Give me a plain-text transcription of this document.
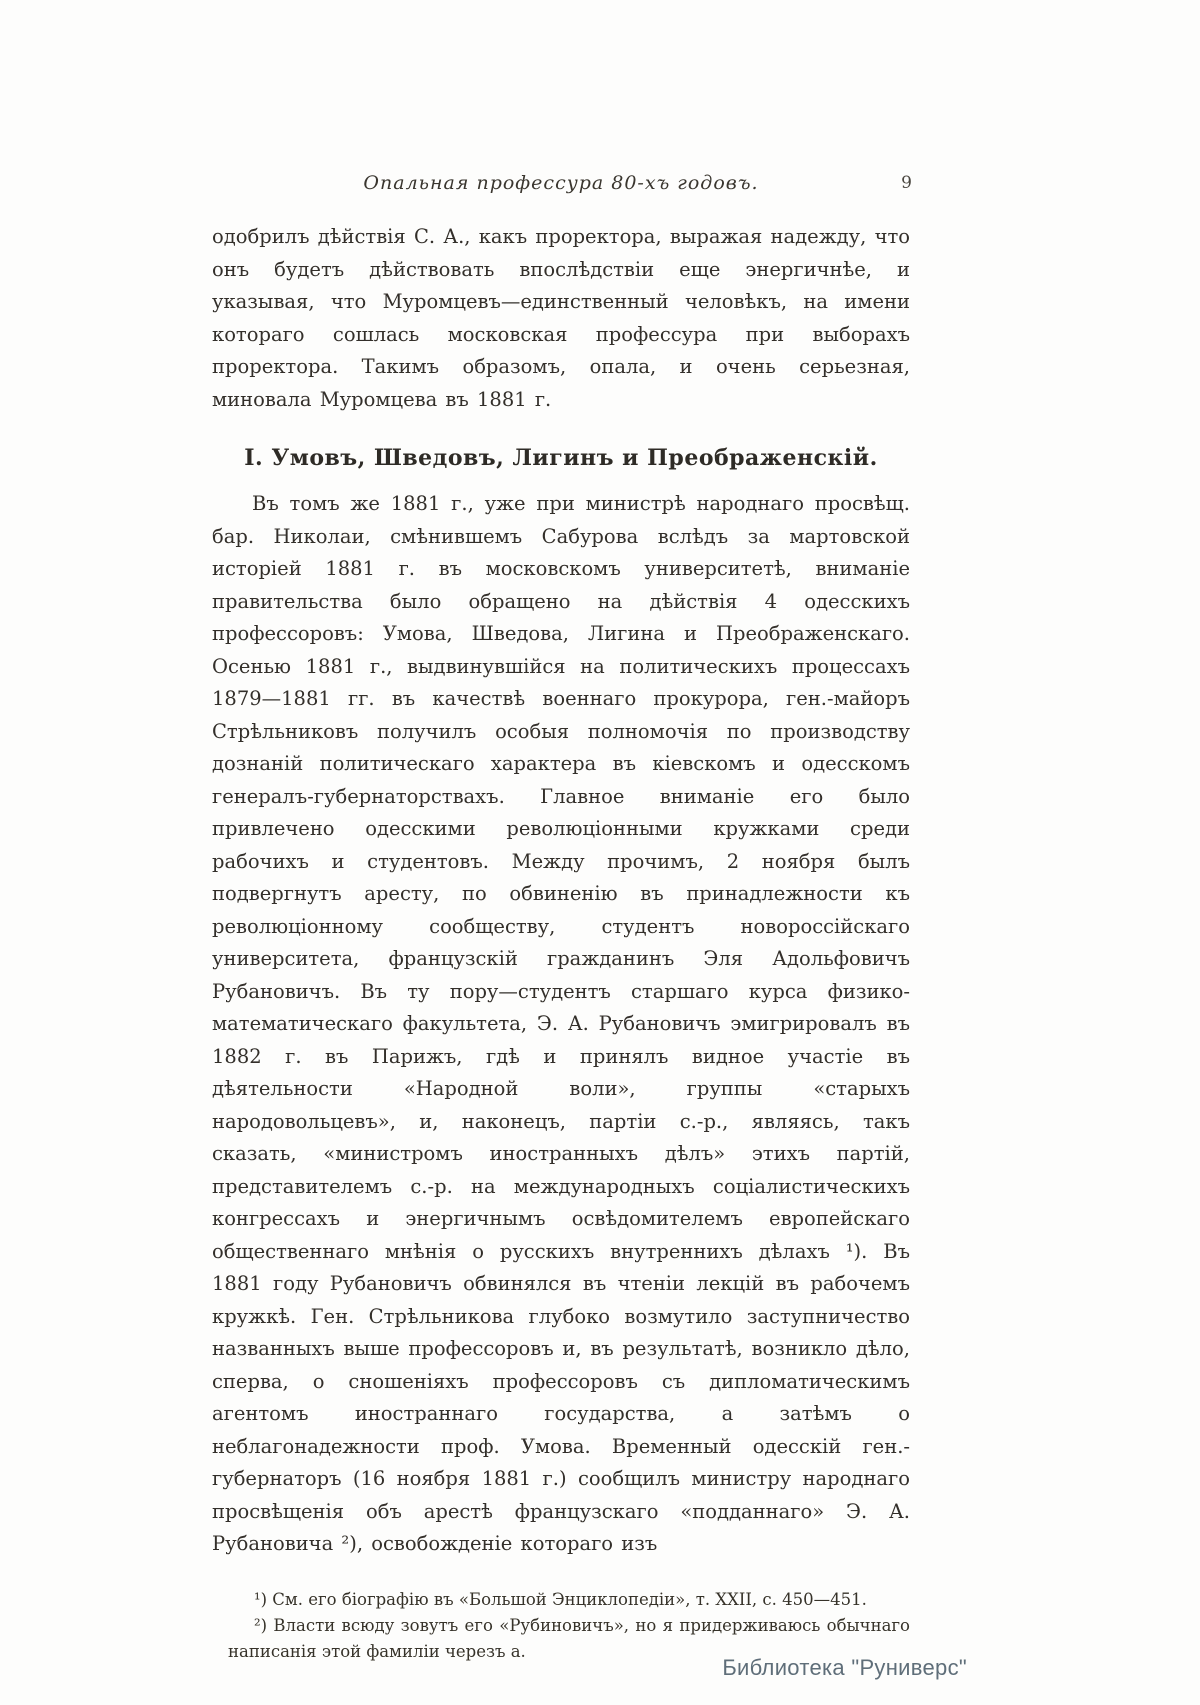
Опальная профессура 80-хъ годовъ.	9

одобрилъ дѣйствія С. А., какъ проректора, выражая надежду, что онъ будетъ дѣйствовать впослѣдствіи еще энергичнѣе, и указывая, что Муромцевъ—единственный человѣкъ, на имени котораго сошлась московская профессура при выборахъ проректора. Такимъ образомъ, опала, и очень серьезная, миновала Муромцева въ 1881 г.

I. Умовъ, Шведовъ, Лигинъ и Преображенскій.

Въ томъ же 1881 г., уже при министрѣ народнаго просвѣщ. бар. Николаи, смѣнившемъ Сабурова вслѣдъ за мартовской исторіей 1881 г. въ московскомъ университетѣ, вниманіе правительства было обращено на дѣйствія 4 одесскихъ профессоровъ: Умова, Шведова, Лигина и Преображенскаго. Осенью 1881 г., выдвинувшійся на политическихъ процессахъ 1879—1881 гг. въ качествѣ военнаго прокурора, ген.-майоръ Стрѣльниковъ получилъ особыя полномочія по производству дознаній политическаго характера въ кіевскомъ и одесскомъ генералъ-губернаторствахъ. Главное вниманіе его было привлечено одесскими революціонными кружками среди рабочихъ и студентовъ. Между прочимъ, 2 ноября былъ подвергнутъ аресту, по обвиненію въ принадлежности къ революціонному сообществу, студентъ новороссійскаго университета, французскій гражданинъ Эля Адольфовичъ Рубановичъ. Въ ту пору—студентъ старшаго курса физико-математическаго факультета, Э. А. Рубановичъ эмигрировалъ въ 1882 г. въ Парижъ, гдѣ и принялъ видное участіе въ дѣятельности «Народной воли», группы «старыхъ народовольцевъ», и, наконецъ, партіи с.-р., являясь, такъ сказать, «министромъ иностранныхъ дѣлъ» этихъ партій, представителемъ с.-р. на международныхъ соціалистическихъ конгрессахъ и энергичнымъ освѣдомителемъ европейскаго общественнаго мнѣнія о русскихъ внутреннихъ дѣлахъ ¹). Въ 1881 году Рубановичъ обвинялся въ чтеніи лекцій въ рабочемъ кружкѣ. Ген. Стрѣльникова глубоко возмутило заступничество названныхъ выше профессоровъ и, въ результатѣ, возникло дѣло, сперва, о сношеніяхъ профессоровъ съ дипломатическимъ агентомъ иностраннаго государства, а затѣмъ о неблагонадежности проф. Умова. Временный одесскій ген.-губернаторъ (16 ноября 1881 г.) сообщилъ министру народнаго просвѣщенія объ арестѣ французскаго «подданнаго» Э. А. Рубановича ²), освобожденіе котораго изъ

¹) См. его біографію въ «Большой Энциклопедіи», т. XXII, с. 450—451.

²) Власти всюду зовутъ его «Рубиновичъ», но я придерживаюсь обычнаго написанія этой фамиліи черезъ а.

Библиотека "Руниверс"
